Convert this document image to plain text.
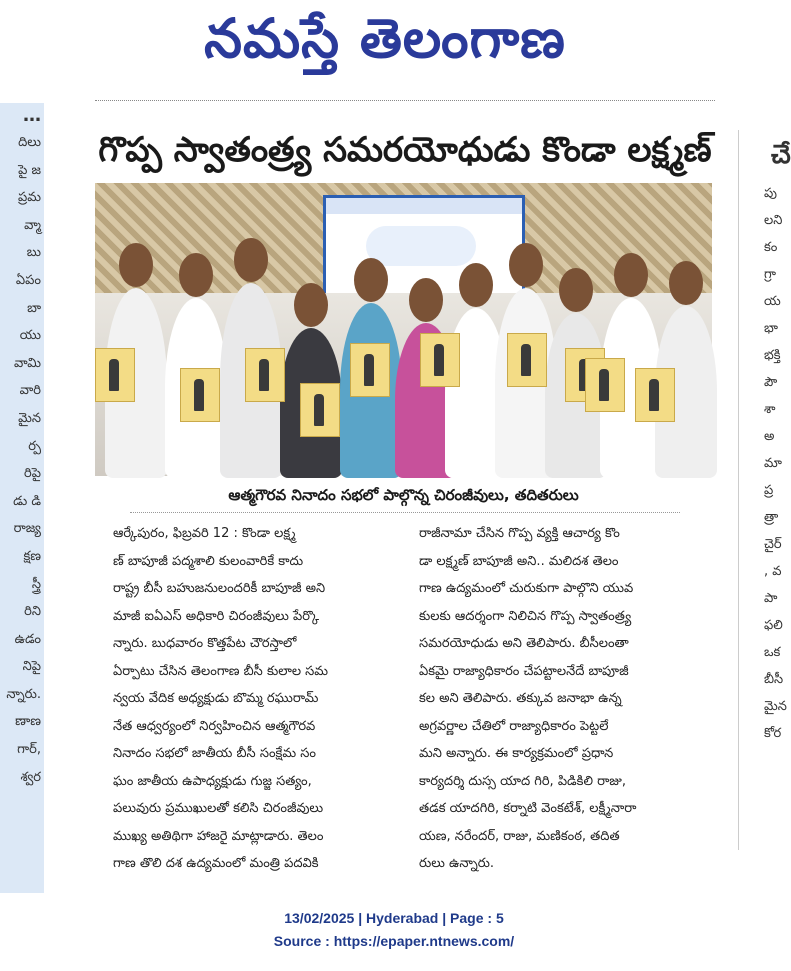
నమస్తే తెలంగాణ
…
దిలు
పై జ
ప్రమ
వ్మా
బు
ఏపం
బా
యు
వామి
వారి
మైన
ర్ప
రిపై
డు డి
రాజ్య
క్షణ
స్త్రీ
రిని
ఉడం
నిపై
న్నారు.
ణాణ
గార్,
శ్వర
చే
పు
లని
కం
గ్రా
య
భా
భక్తి
పౌ
శా
అ
మా
ప్ర
త్రా
చైర్
, వ
పా
ఫలి
ఒక
బీసీ
మైన
కోర
గొప్ప స్వాతంత్ర్య సమరయోధుడు కొండా లక్ష్మణ్
ఆత్మగౌరవ నినాదం సభలో పాల్గొన్న చిరంజీవులు, తదితరులు
ఆర్కేపురం, ఫిబ్రవరి 12 : కొండా లక్ష్మ
ణ్ బాపూజీ పద్మశాలి కులంవారికే కాదు
రాష్ట్ర బీసీ బహుజనులందరికీ బాపూజీ అని
మాజీ ఐఏఎస్ అధికారి చిరంజీవులు పేర్కొ
న్నారు. బుధవారం కొత్తపేట చౌరస్తాలో
ఏర్పాటు చేసిన తెలంగాణ బీసీ కులాల సమ
న్వయ వేదిక అధ్యక్షుడు బొమ్మ రఘురామ్
నేత ఆధ్వర్యంలో నిర్వహించిన ఆత్మగౌరవ
నినాదం సభలో జాతీయ బీసీ సంక్షేమ సం
ఘం జాతీయ ఉపాధ్యక్షుడు గుజ్జ సత్యం,
పలువురు ప్రముఖులతో కలిసి చిరంజీవులు
ముఖ్య అతిథిగా హాజరై మాట్లాడారు. తెలం
గాణ తొలి దశ ఉద్యమంలో మంత్రి పదవికి
రాజీనామా చేసిన గొప్ప వ్యక్తి ఆచార్య కొం
డా లక్ష్మణ్ బాపూజీ అని.. మలిదశ తెలం
గాణ ఉద్యమంలో చురుకుగా పాల్గొని యువ
కులకు ఆదర్శంగా నిలిచిన గొప్ప స్వాతంత్ర్య
సమరయోధుడు అని తెలిపారు. బీసీలంతా
ఏకమై రాజ్యాధికారం చేపట్టాలనేదే బాపూజీ
కల అని తెలిపారు. తక్కువ జనాభా ఉన్న
అగ్రవర్ణాల చేతిలో రాజ్యాధికారం పెట్టలే
మని అన్నారు. ఈ కార్యక్రమంలో ప్రధాన
కార్యదర్శి దుస్స యాద గిరి, పిడికిలి రాజు,
తడక యాదగిరి, కర్నాటి వెంకటేశ్, లక్ష్మీనారా
యణ, నరేందర్, రాజు, మణికంఠ, తదిత
రులు ఉన్నారు.
13/02/2025 | Hyderabad | Page : 5
Source : https://epaper.ntnews.com/
